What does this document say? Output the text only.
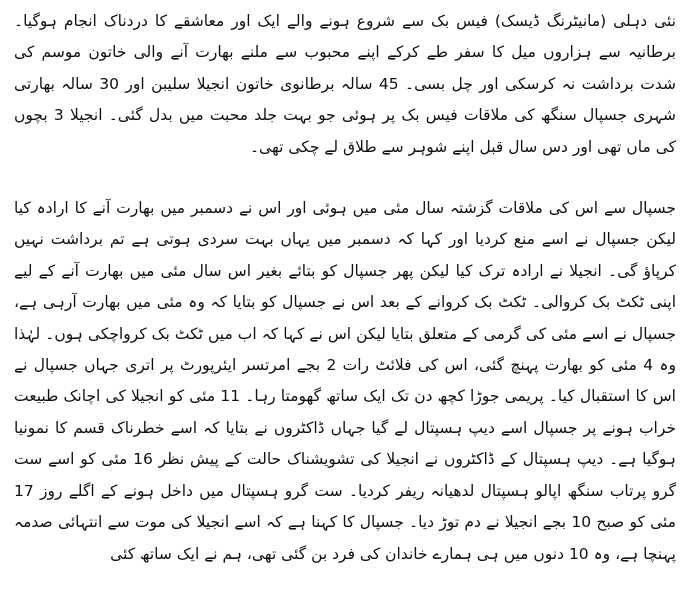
نئی دہلی (مانیٹرنگ ڈیسک) فیس بک سے شروع ہونے والے ایک اور معاشقے کا دردناک انجام ہوگیا۔ برطانیہ سے ہزاروں میل کا سفر طے کرکے اپنے محبوب سے ملنے بھارت آنے والی خاتون موسم کی شدت برداشت نہ کرسکی اور چل بسی۔ 45 سالہ برطانوی خاتون انجیلا سلیبن اور 30 سالہ بھارتی شہری جسپال سنگھ کی ملاقات فیس بک پر ہوئی جو بہت جلد محبت میں بدل گئی۔ انجیلا 3 بچوں کی ماں تھی اور دس سال قبل اپنے شوہر سے طلاق لے چکی تھی۔

جسپال سے اس کی ملاقات گزشتہ سال مئی میں ہوئی اور اس نے دسمبر میں بھارت آنے کا ارادہ کیا لیکن جسپال نے اسے منع کردیا اور کہا کہ دسمبر میں یہاں بہت سردی ہوتی ہے تم برداشت نہیں کرپاؤ گی۔ انجیلا نے ارادہ ترک کیا لیکن پھر جسپال کو بتائے بغیر اس سال مئی میں بھارت آنے کے لیے اپنی ٹکٹ بک کروالی۔ ٹکٹ بک کروانے کے بعد اس نے جسپال کو بتایا کہ وہ مئی میں بھارت آرہی ہے، جسپال نے اسے مئی کی گرمی کے متعلق بتایا لیکن اس نے کہا کہ اب میں ٹکٹ بک کرواچکی ہوں۔ لہٰذا وہ 4 مئی کو بھارت پہنچ گئی، اس کی فلائٹ رات 2 بجے امرتسر ایئرپورٹ پر اتری جہاں جسپال نے اس کا استقبال کیا۔ پریمی جوڑا کچھ دن تک ایک ساتھ گھومتا رہا۔ 11 مئی کو انجیلا کی اچانک طبیعت خراب ہونے پر جسپال اسے دیپ ہسپتال لے گیا جہاں ڈاکٹروں نے بتایا کہ اسے خطرناک قسم کا نمونیا ہوگیا ہے۔ دیپ ہسپتال کے ڈاکٹروں نے انجیلا کی تشویشناک حالت کے پیش نظر 16 مئی کو اسے ست گرو پرتاب سنگھ اپالو ہسپتال لدھیانہ ریفر کردیا۔ ست گرو ہسپتال میں داخل ہونے کے اگلے روز 17 مئی کو صبح 10 بجے انجیلا نے دم توڑ دیا۔ جسپال کا کہنا ہے کہ اسے انجیلا کی موت سے انتہائی صدمہ پہنچا ہے، وہ 10 دنوں میں ہی ہمارے خاندان کی فرد بن گئی تھی، ہم نے ایک ساتھ کئی
